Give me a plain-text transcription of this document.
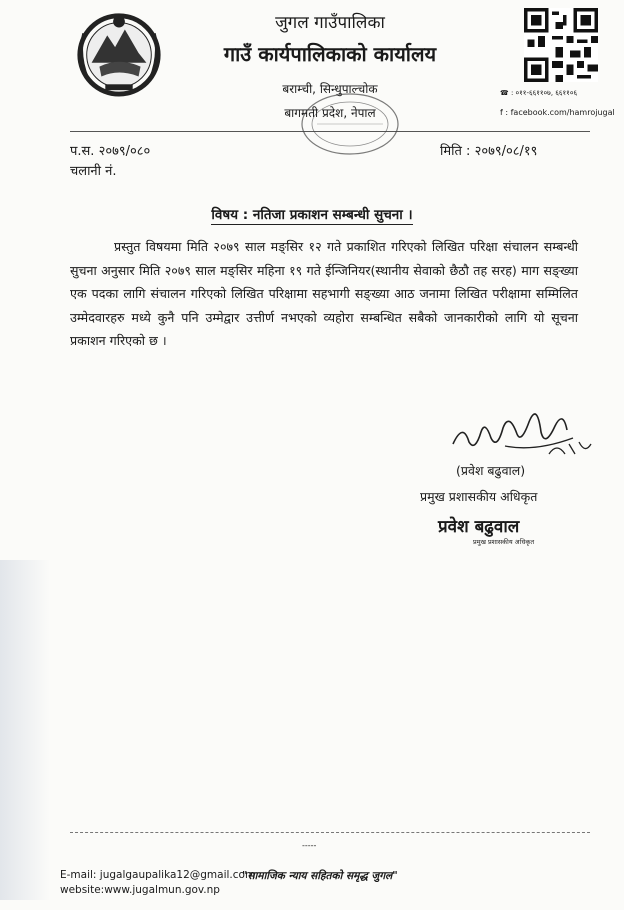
जुगल गाउँपालिका
गाउँ कार्यपालिकाको कार्यालय
बराम्ची, सिन्धुपाल्चोक
बागमती प्रदेश, नेपाल
☎ : ०११-६६११०७, ६६११०६
f : facebook.com/hamrojugal
प.स. २०७९/०८०
चलानी नं.
मिति : २०७९/०८/१९
विषय : नतिजा प्रकाशन सम्बन्धी सुचना ।
प्रस्तुत विषयमा मिति २०७९ साल मङ्सिर १२ गते प्रकाशित गरिएको लिखित परिक्षा संचालन सम्बन्धी सुचना अनुसार मिति २०७९ साल मङ्सिर महिना १९ गते ईन्जिनियर(स्थानीय सेवाको छैठौ तह सरह) माग सङ्ख्या एक पदका लागि संचालन गरिएको लिखित परिक्षामा सहभागी सङ्ख्या आठ जनामा लिखित परीक्षामा सम्मिलित उम्मेदवारहरु मध्ये कुनै पनि उम्मेद्वार उत्तीर्ण नभएको व्यहोरा सम्बन्धित सबैको जानकारीको लागि यो सूचना प्रकाशन गरिएको छ ।
(प्रवेश बढुवाल)
प्रमुख प्रशासकीय अधिकृत
प्रवेश बढुवाल
प्रमुख प्रशासकीय अधिकृत
-----
E-mail: jugalgaupalika12@gmail.com
website:www.jugalmun.gov.np
"सामाजिक न्याय सहितको समृद्ध जुगल"
